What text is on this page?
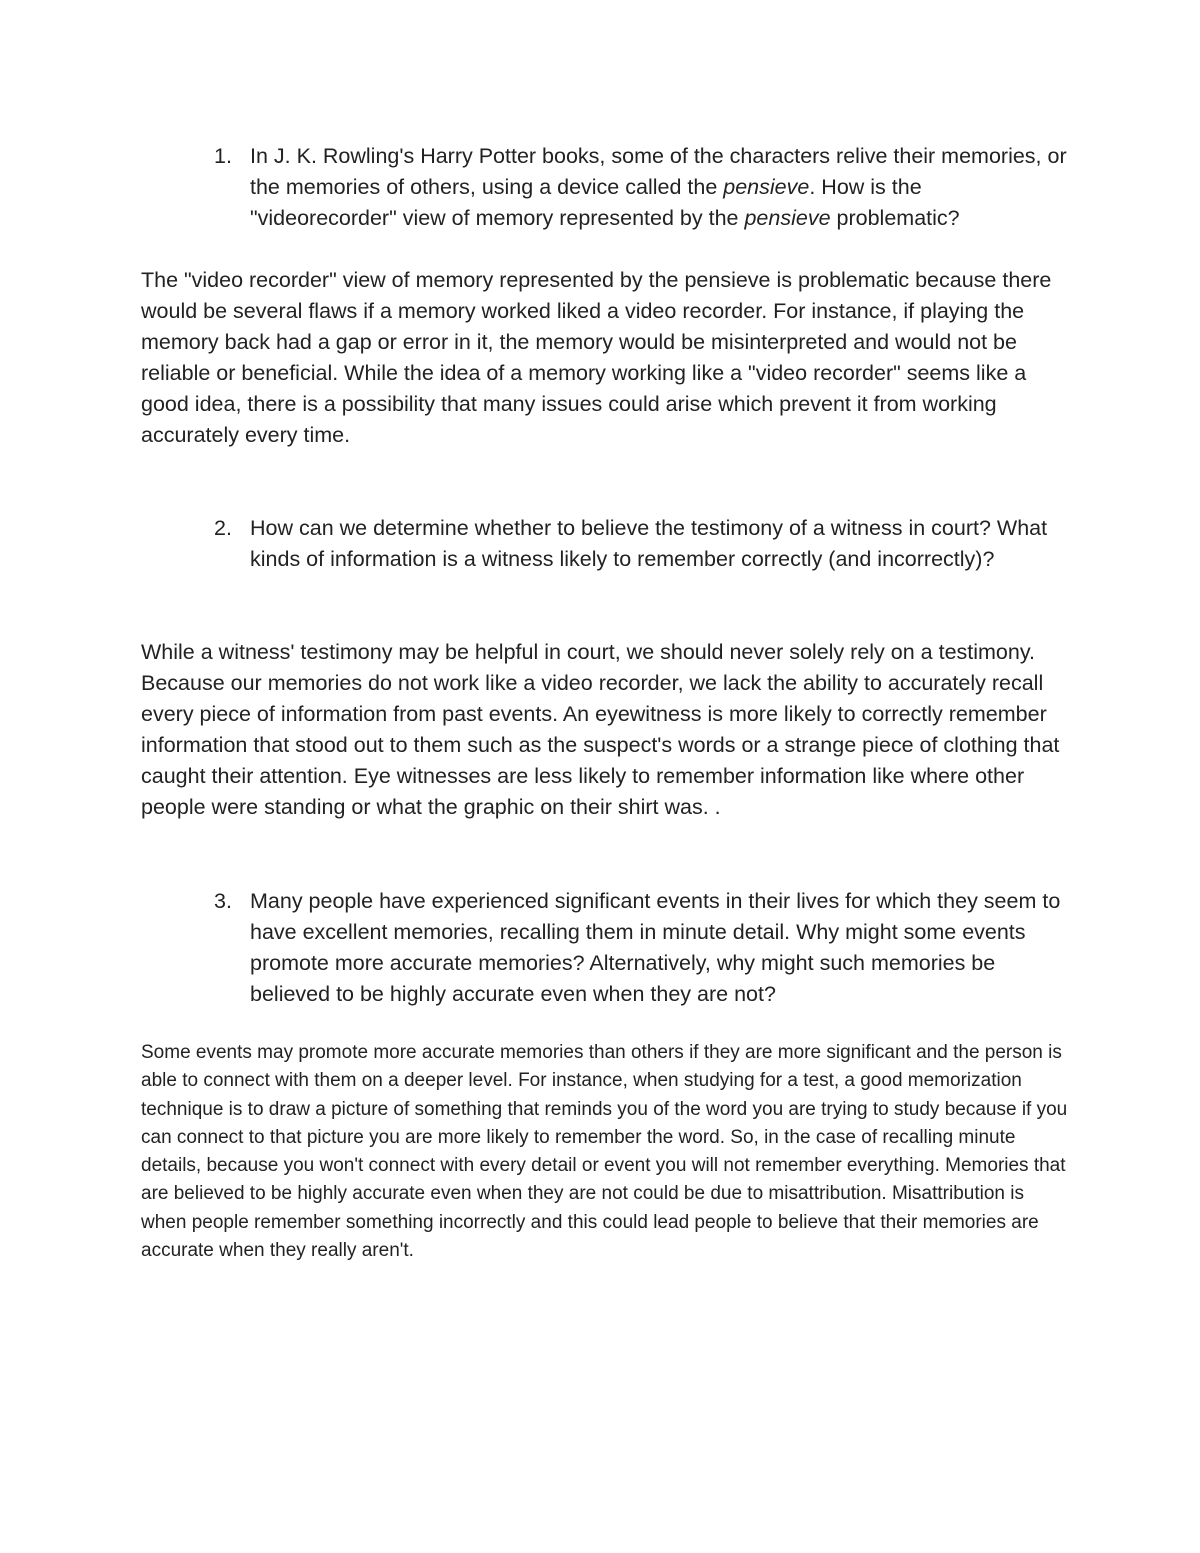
1. In J. K. Rowling's Harry Potter books, some of the characters relive their memories, or the memories of others, using a device called the pensieve. How is the "videorecorder" view of memory represented by the pensieve problematic?

The "video recorder" view of memory represented by the pensieve is problematic because there would be several flaws if a memory worked liked a video recorder. For instance, if playing the memory back had a gap or error in it, the memory would be misinterpreted and would not be reliable or beneficial. While the idea of a memory working like a "video recorder" seems like a good idea, there is a possibility that many issues could arise which prevent it from working accurately every time.

2. How can we determine whether to believe the testimony of a witness in court? What kinds of information is a witness likely to remember correctly (and incorrectly)?

While a witness' testimony may be helpful in court, we should never solely rely on a testimony. Because our memories do not work like a video recorder, we lack the ability to accurately recall every piece of information from past events. An eyewitness is more likely to correctly remember information that stood out to them such as the suspect's words or a strange piece of clothing that caught their attention. Eye witnesses are less likely to remember information like where other people were standing or what the graphic on their shirt was. .

3. Many people have experienced significant events in their lives for which they seem to have excellent memories, recalling them in minute detail. Why might some events promote more accurate memories? Alternatively, why might such memories be believed to be highly accurate even when they are not?

Some events may promote more accurate memories than others if they are more significant and the person is able to connect with them on a deeper level. For instance, when studying for a test, a good memorization technique is to draw a picture of something that reminds you of the word you are trying to study because if you can connect to that picture you are more likely to remember the word. So, in the case of recalling minute details, because you won't connect with every detail or event you will not remember everything. Memories that are believed to be highly accurate even when they are not could be due to misattribution. Misattribution is when people remember something incorrectly and this could lead people to believe that their memories are accurate when they really aren't.
